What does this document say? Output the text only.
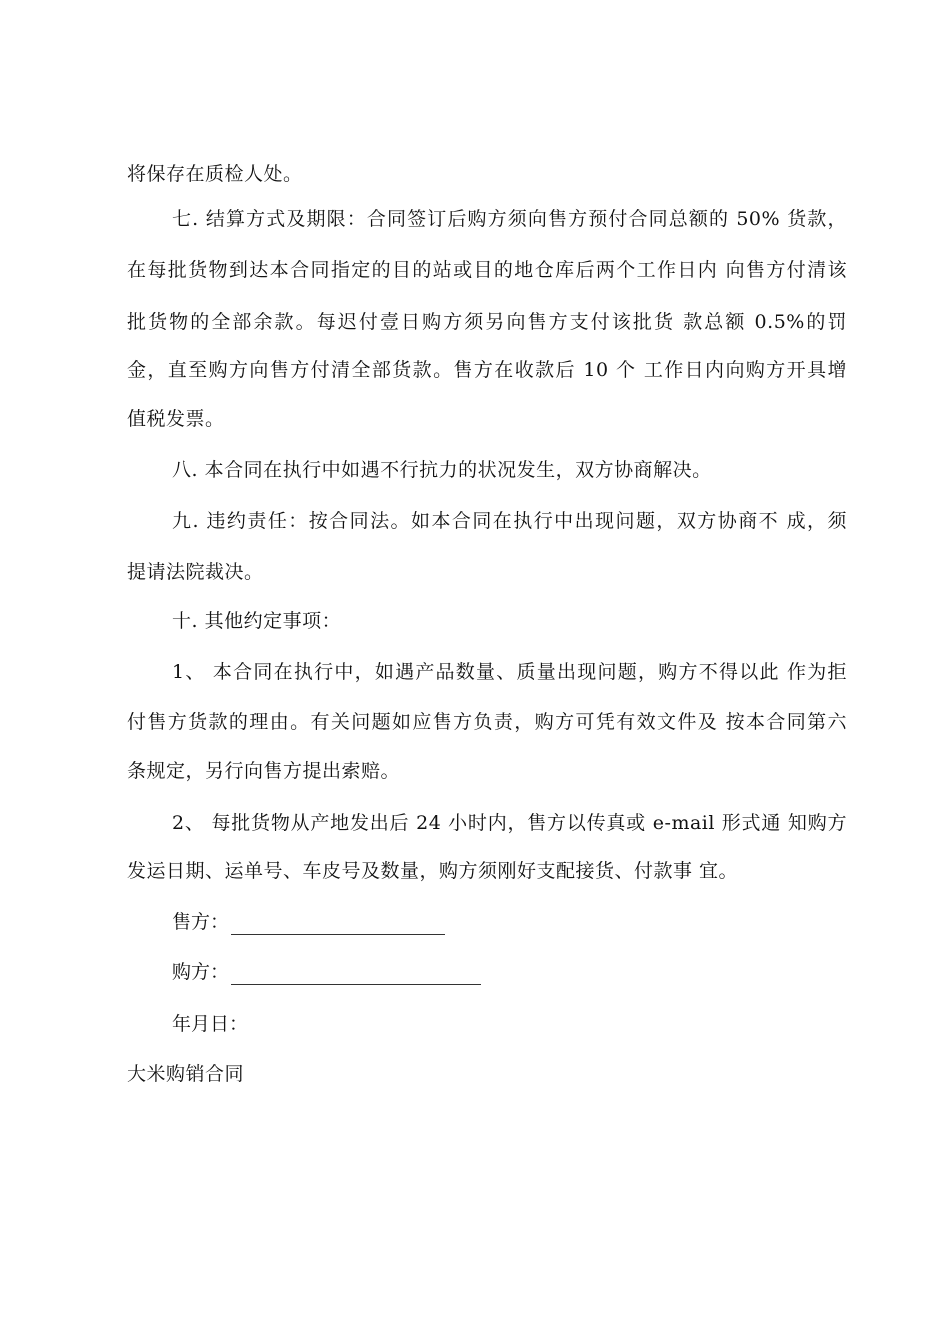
将保存在质检人处。
七. 结算方式及期限：合同签订后购方须向售方预付合同总额的 50% 货款，
在每批货物到达本合同指定的目的站或目的地仓库后两个工作日内 向售方付清该
批货物的全部余款。每迟付壹日购方须另向售方支付该批货 款总额 0.5%的罚
金，直至购方向售方付清全部货款。售方在收款后 10 个 工作日内向购方开具增
值税发票。
八. 本合同在执行中如遇不行抗力的状况发生，双方协商解决。
九. 违约责任：按合同法。如本合同在执行中出现问题，双方协商不 成，须
提请法院裁决。
十. 其他约定事项：
1、 本合同在执行中，如遇产品数量、质量出现问题，购方不得以此 作为拒
付售方货款的理由。有关问题如应售方负责，购方可凭有效文件及 按本合同第六
条规定，另行向售方提出索赔。
2、 每批货物从产地发出后 24 小时内，售方以传真或 e-mail 形式通 知购方
发运日期、运单号、车皮号及数量，购方须刚好支配接货、付款事 宜。
售方：
购方：
年月日：
大米购销合同
